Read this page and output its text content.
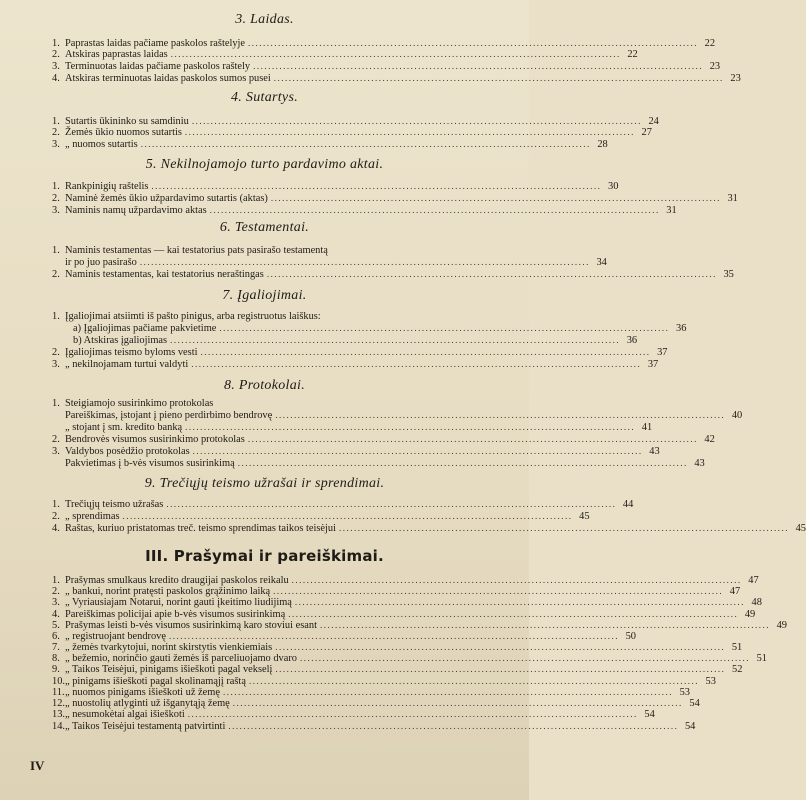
3. Laidas.
1. Paprastas laidas pačiame paskolos raštelyje ........................................................................................................................ 22
2. Atskiras paprastas laidas ........................................................................................................................ 22
3. Terminuotas laidas pačiame paskolos raštely ........................................................................................................................ 23
4. Atskiras terminuotas laidas paskolos sumos pusei ........................................................................................................................ 23
4. Sutartys.
1. Sutartis ūkininko su samdiniu ........................................................................................................................ 24
2. Žemės ūkio nuomos sutartis ........................................................................................................................ 27
3. „ nuomos sutartis ........................................................................................................................ 28
5. Nekilnojamojo turto pardavimo aktai.
1. Rankpinigių raštelis ........................................................................................................................ 30
2. Naminė žemės ūkio užpardavimo sutartis (aktas) ........................................................................................................................ 31
3. Naminis namų užpardavimo aktas ........................................................................................................................ 31
6. Testamentai.
1. Naminis testamentas — kai testatorius pats pasirašo testamentą
ir po juo pasirašo ........................................................................................................................ 34
2. Naminis testamentas, kai testatorius neraštingas ........................................................................................................................ 35
7. Įgaliojimai.
1. Įgaliojimai atsiimti iš pašto pinigus, arba registruotus laiškus:
a) Įgaliojimas pačiame pakvietime ........................................................................................................................ 36
b) Atskiras įgaliojimas ........................................................................................................................ 36
2. Įgaliojimas teismo byloms vesti ........................................................................................................................ 37
3. „ nekilnojamam turtui valdyti ........................................................................................................................ 37
8. Protokolai.
1. Steigiamojo susirinkimo protokolas
Pareiškimas, įstojant į pieno perdirbimo bendrovę ........................................................................................................................ 40
„ stojant į sm. kredito banką ........................................................................................................................ 41
2. Bendrovės visumos susirinkimo protokolas ........................................................................................................................ 42
3. Valdybos posėdžio protokolas ........................................................................................................................ 43
Pakvietimas į b-vės visumos susirinkimą ........................................................................................................................ 43
9. Trečiųjų teismo užrašai ir sprendimai.
1. Trečiųjų teismo užrašas ........................................................................................................................ 44
2. „ sprendimas ........................................................................................................................ 45
4. Raštas, kuriuo pristatomas treč. teismo sprendimas taikos teisėjui ........................................................................................................................ 45
III. Prašymai ir pareiškimai.
1. Prašymas smulkaus kredito draugijai paskolos reikalu ........................................................................................................................ 47
2. „ bankui, norint pratęsti paskolos grąžinimo laiką ........................................................................................................................ 47
3. „ Vyriausiajam Notarui, norint gauti įkeitimo liudijimą ........................................................................................................................ 48
4. Pareiškimas policijai apie b-vės visumos susirinkimą ........................................................................................................................ 49
5. Prašymas leisti b-vės visumos susirinkimą karo stoviui esant ........................................................................................................................ 49
6. „ registruojant bendrovę ........................................................................................................................ 50
7. „ žemės tvarkytojui, norint skirstytis vienkiemiais ........................................................................................................................ 51
8. „ bežemio, norinčio gauti žemės iš parceliuojamo dvaro ........................................................................................................................ 51
9. „ Taikos Teisėjui, pinigams išieškoti pagal vekselį ........................................................................................................................ 52
10. „ pinigams išieškoti pagal skolinamąjį raštą ........................................................................................................................ 53
11. „ nuomos pinigams išieškoti už žemę ........................................................................................................................ 53
12. „ nuostolių atlyginti už išganytąją žemę ........................................................................................................................ 54
13. „ nesumokėtai algai išieškoti ........................................................................................................................ 54
14. „ Taikos Teisėjui testamentą patvirtinti ........................................................................................................................ 54
IV
